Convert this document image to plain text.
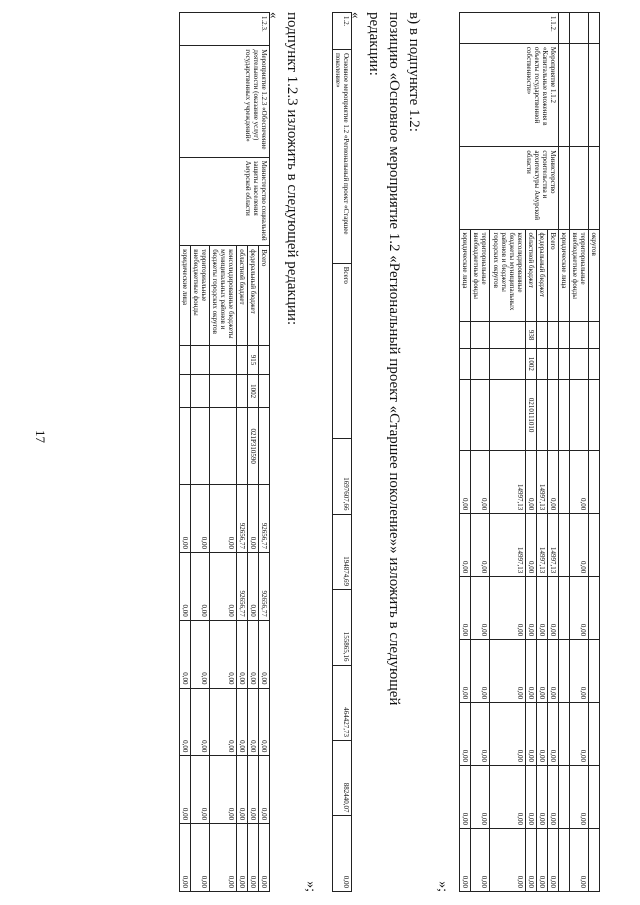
17
			округов										
			территориальные внебюджетные фонды				0,00	0,00	0,00	0,00	0,00	0,00	0,00
			юридические лица										
1.1.2.	Мероприятие 1.1.2 «Капитальные вложения в объекты государственной собственности»	Министерство строительства и архитектуры Амурской области	Всего				0,00	14997,13	0,00	0,00	0,00	0,00	0,00
			федеральный бюджет				14997,13	14997,13	0,00	0,00	0,00	0,00	0,00
			областной бюджет	938	1002	0210111010	0,00	0,00	0,00	0,00	0,00	0,00	0,00
			консолидированные бюджеты муниципальных районов и бюджеты городских округов				14997,13	14997,13	0,00	0,00	0,00	0,00	0,00
			территориальные внебюджетные фонды				0,00	0,00	0,00	0,00	0,00	0,00	0,00
			юридические лица				0,00	0,00	0,00	0,00	0,00	0,00	0,00
»;
в) в подпункте 1.2:
позицию «Основное мероприятие 1.2 «Региональный проект «Старшее поколение»» изложить в следующей
редакции:
«
1.2.	Основное мероприятие 1.2 «Региональный проект «Старшее поколение»	Всего	1697607,66	194874,69	155865,16	464427,73	882440,07	0,00
»;
подпункт 1.2.3 изложить в следующей редакции:
«
1.2.3.	Мероприятие 1.2.3 «Обеспечение деятельности (оказание услуг) государственных учреждений»	Министерство социальной защиты населения Амурской области	Всего				92656,77	92656,77	0,00	0,00	0,00	0,00
			федеральный бюджет	915	1002	021P310590	0,00	0,00	0,00	0,00	0,00	0,00
			областной бюджет				92656,77	92656,77	0,00	0,00	0,00	0,00
			консолидированные бюджеты муниципальных районов и бюджеты городских округов				0,00	0,00	0,00	0,00	0,00	0,00
			территориальные внебюджетные фонды				0,00	0,00	0,00	0,00	0,00	0,00
			юридические лица				0,00	0,00	0,00	0,00	0,00	0,00
